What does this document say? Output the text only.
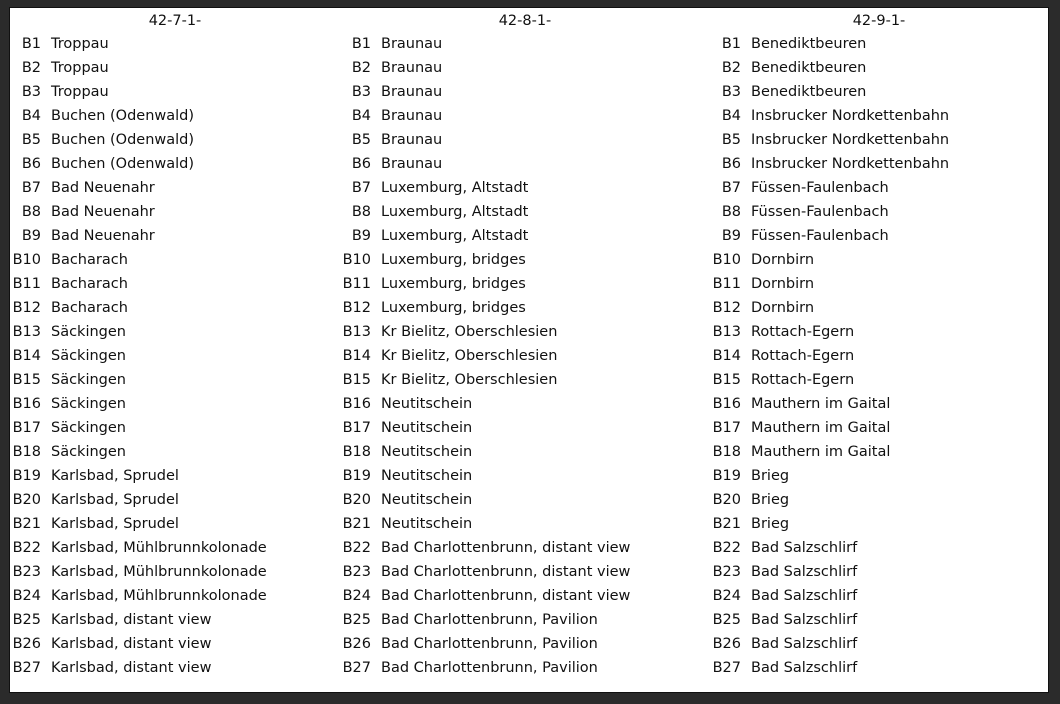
42-7-1-
B1 Troppau
B2 Troppau
B3 Troppau
B4 Buchen (Odenwald)
B5 Buchen (Odenwald)
B6 Buchen (Odenwald)
B7 Bad Neuenahr
B8 Bad Neuenahr
B9 Bad Neuenahr
B10 Bacharach
B11 Bacharach
B12 Bacharach
B13 Säckingen
B14 Säckingen
B15 Säckingen
B16 Säckingen
B17 Säckingen
B18 Säckingen
B19 Karlsbad, Sprudel
B20 Karlsbad, Sprudel
B21 Karlsbad, Sprudel
B22 Karlsbad, Mühlbrunnkolonade
B23 Karlsbad, Mühlbrunnkolonade
B24 Karlsbad, Mühlbrunnkolonade
B25 Karlsbad, distant view
B26 Karlsbad, distant view
B27 Karlsbad, distant view
42-8-1-
B1 Braunau
B2 Braunau
B3 Braunau
B4 Braunau
B5 Braunau
B6 Braunau
B7 Luxemburg, Altstadt
B8 Luxemburg, Altstadt
B9 Luxemburg, Altstadt
B10 Luxemburg, bridges
B11 Luxemburg, bridges
B12 Luxemburg, bridges
B13 Kr Bielitz, Oberschlesien
B14 Kr Bielitz, Oberschlesien
B15 Kr Bielitz, Oberschlesien
B16 Neutitschein
B17 Neutitschein
B18 Neutitschein
B19 Neutitschein
B20 Neutitschein
B21 Neutitschein
B22 Bad Charlottenbrunn, distant view
B23 Bad Charlottenbrunn, distant view
B24 Bad Charlottenbrunn, distant view
B25 Bad Charlottenbrunn, Pavilion
B26 Bad Charlottenbrunn, Pavilion
B27 Bad Charlottenbrunn, Pavilion
42-9-1-
B1 Benediktbeuren
B2 Benediktbeuren
B3 Benediktbeuren
B4 Insbrucker Nordkettenbahn
B5 Insbrucker Nordkettenbahn
B6 Insbrucker Nordkettenbahn
B7 Füssen-Faulenbach
B8 Füssen-Faulenbach
B9 Füssen-Faulenbach
B10 Dornbirn
B11 Dornbirn
B12 Dornbirn
B13 Rottach-Egern
B14 Rottach-Egern
B15 Rottach-Egern
B16 Mauthern im Gaital
B17 Mauthern im Gaital
B18 Mauthern im Gaital
B19 Brieg
B20 Brieg
B21 Brieg
B22 Bad Salzschlirf
B23 Bad Salzschlirf
B24 Bad Salzschlirf
B25 Bad Salzschlirf
B26 Bad Salzschlirf
B27 Bad Salzschlirf
